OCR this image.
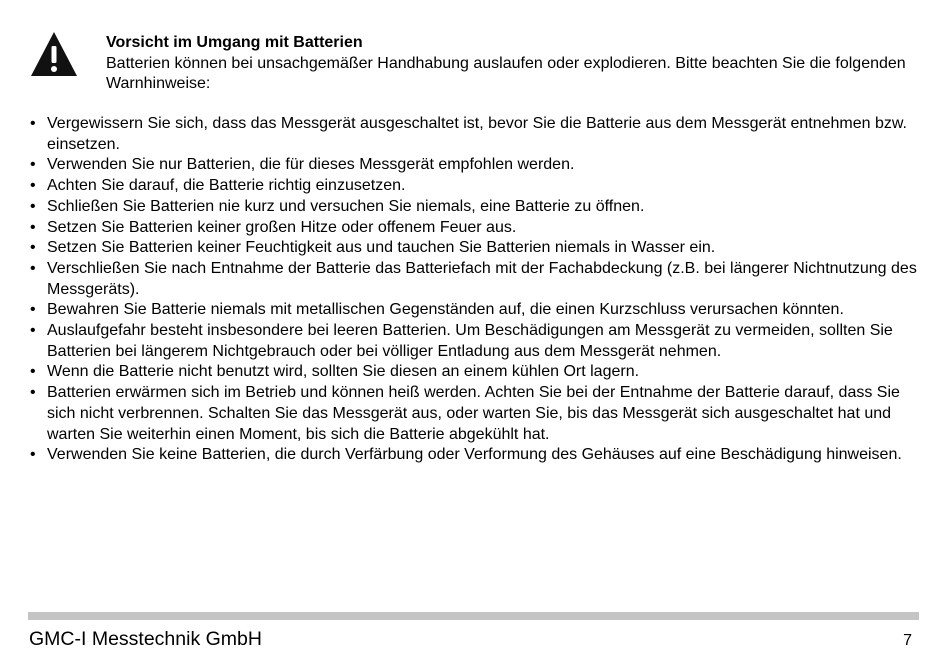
Vorsicht im Umgang mit Batterien
Batterien können bei unsachgemäßer Handhabung auslaufen oder explodieren. Bitte beachten Sie die folgenden Warnhinweise:
• Vergewissern Sie sich, dass das Messgerät ausgeschaltet ist, bevor Sie die Batterie aus dem Messgerät entnehmen bzw. einsetzen.
• Verwenden Sie nur Batterien, die für dieses Messgerät empfohlen werden.
• Achten Sie darauf, die Batterie richtig einzusetzen.
• Schließen Sie Batterien nie kurz und versuchen Sie niemals, eine Batterie zu öffnen.
• Setzen Sie Batterien keiner großen Hitze oder offenem Feuer aus.
• Setzen Sie Batterien keiner Feuchtigkeit aus und tauchen Sie Batterien niemals in Wasser ein.
• Verschließen Sie nach Entnahme der Batterie das Batteriefach mit der Fachabdeckung (z.B. bei längerer Nichtnutzung des Messgeräts).
• Bewahren Sie Batterie niemals mit metallischen Gegenständen auf, die einen Kurzschluss verursachen könnten.
• Auslaufgefahr besteht insbesondere bei leeren Batterien. Um Beschädigungen am Messgerät zu vermeiden, sollten Sie Batterien bei längerem Nichtgebrauch oder bei völliger Entladung aus dem Messgerät nehmen.
• Wenn die Batterie nicht benutzt wird, sollten Sie diesen an einem kühlen Ort lagern.
• Batterien erwärmen sich im Betrieb und können heiß werden. Achten Sie bei der Entnahme der Batterie darauf, dass Sie sich nicht verbrennen. Schalten Sie das Messgerät aus, oder warten Sie, bis das Messgerät sich ausgeschaltet hat und warten Sie weiterhin einen Moment, bis sich die Batterie abgekühlt hat.
• Verwenden Sie keine Batterien, die durch Verfärbung oder Verformung des Gehäuses auf eine Beschädigung hinweisen.
GMC-I Messtechnik GmbH	7
